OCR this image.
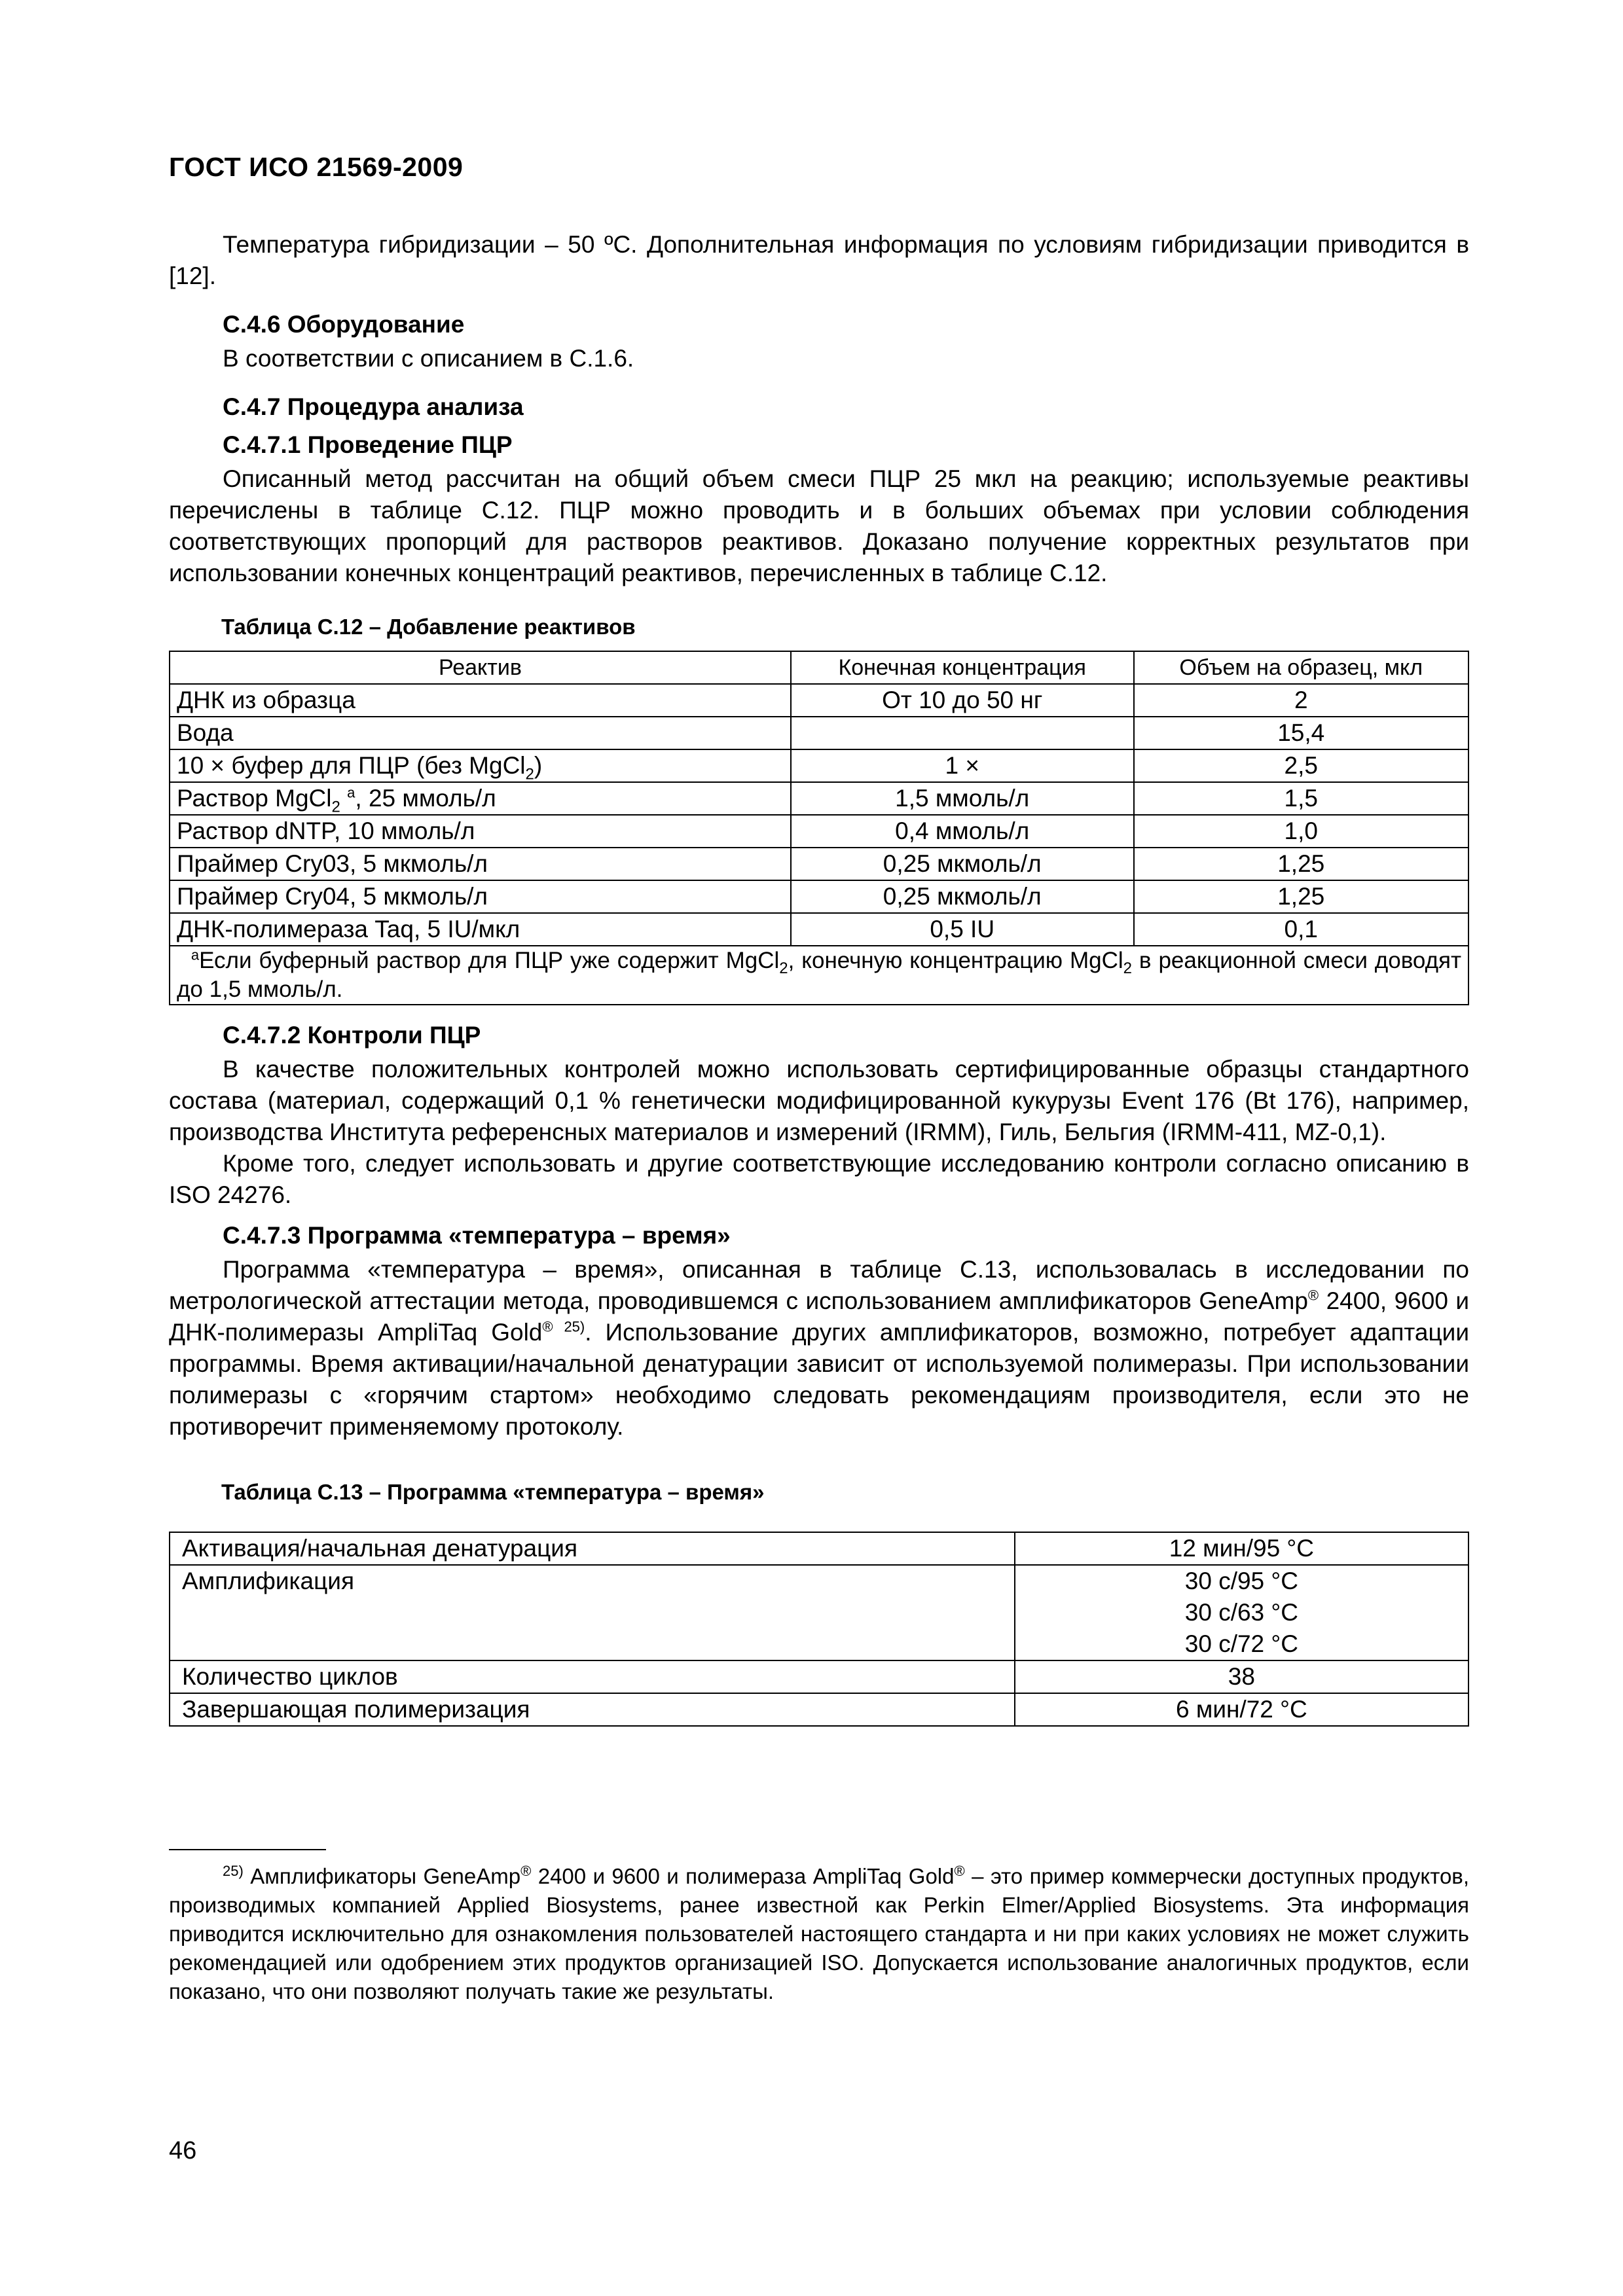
ГОСТ ИСО 21569-2009

Температура гибридизации – 50 ºС. Дополнительная информация по условиям гибридизации приводится в [12].

С.4.6 Оборудование

В соответствии с описанием в С.1.6.

С.4.7 Процедура анализа

С.4.7.1 Проведение ПЦР

Описанный метод рассчитан на общий объем смеси ПЦР 25 мкл на реакцию; используемые реактивы перечислены в таблице С.12. ПЦР можно проводить и в больших объемах при условии соблюдения соответствующих пропорций для растворов реактивов. Доказано получение корректных результатов при использовании конечных концентраций реактивов, перечисленных в таблице С.12.

Таблица С.12 – Добавление реактивов

Реактив	Конечная концентрация	Объем на образец, мкл
ДНК из образца	От 10 до 50 нг	2
Вода		15,4
10 × буфер для ПЦР (без MgCl$_2$)	1 ×	2,5
Раствор MgCl$_2$ $^a$, 25 ммоль/л	1,5 ммоль/л	1,5
Раствор dNTP, 10 ммоль/л	0,4 ммоль/л	1,0
Праймер Cry03, 5 мкмоль/л	0,25 мкмоль/л	1,25
Праймер Cry04, 5 мкмоль/л	0,25 мкмоль/л	1,25
ДНК-полимераза Taq, 5 IU/мкл	0,5 IU	0,1
$^a$Если буферный раствор для ПЦР уже содержит MgCl$_2$, конечную концентрацию MgCl$_2$ в реакционной смеси доводят до 1,5 ммоль/л.		

С.4.7.2 Контроли ПЦР

В качестве положительных контролей можно использовать сертифицированные образцы стандартного состава (материал, содержащий 0,1 % генетически модифицированной кукурузы Event 176 (Bt 176), например, производства Института референсных материалов и измерений (IRMM), Гиль, Бельгия (IRMM-411, MZ-0,1).

Кроме того, следует использовать и другие соответствующие исследованию контроли согласно описанию в ISO 24276.

С.4.7.3 Программа «температура – время»

Программа «температура – время», описанная в таблице С.13, использовалась в исследовании по метрологической аттестации метода, проводившемся с использованием амплификаторов GeneAmp® 2400, 9600 и ДНК-полимеразы AmpliTaq Gold$^{® 25)}$. Использование других амплификаторов, возможно, потребует адаптации программы. Время активации/начальной денатурации зависит от используемой полимеразы. При использовании полимеразы с «горячим стартом» необходимо следовать рекомендациям производителя, если это не противоречит применяемому протоколу.

Таблица С.13 – Программа «температура – время»

Активация/начальная денатурация	12 мин/95 °С
Амплификация	30 с/95 °С
30 с/63 °С
30 с/72 °С

Количество циклов	38
Завершающая полимеризация	6 мин/72 °С

$^{25)}$ Амплификаторы GeneAmp® 2400 и 9600 и полимераза AmpliTaq Gold® – это пример коммерчески доступных продуктов, производимых компанией Applied Biosystems, ранее известной как Perkin Elmer/Applied Biosystems. Эта информация приводится исключительно для ознакомления пользователей настоящего стандарта и ни при каких условиях не может служить рекомендацией или одобрением этих продуктов организацией ISO. Допускается использование аналогичных продуктов, если показано, что они позволяют получать такие же результаты.

46
